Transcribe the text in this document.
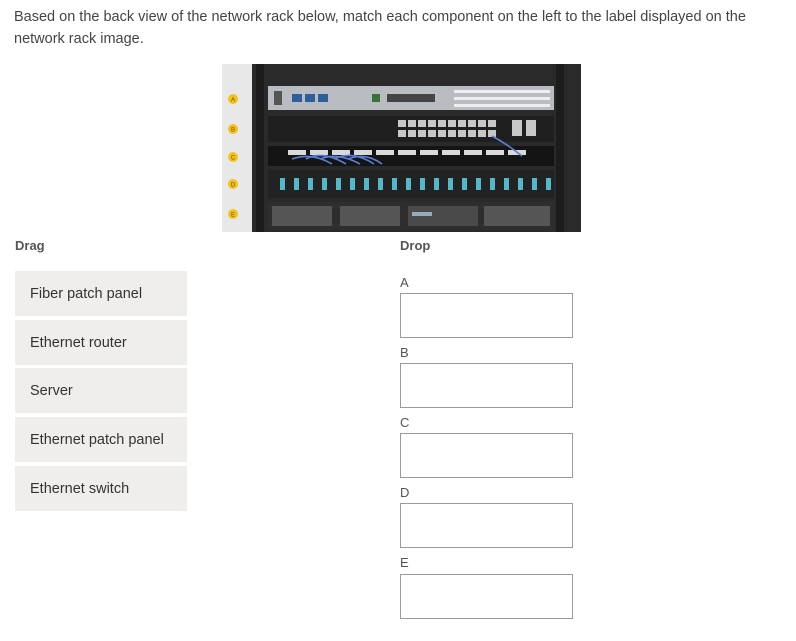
Based on the back view of the network rack below, match each component on the left to the label displayed on the network rack image.
A
B
C
D
E
Drag	Drop
Fiber patch panel
Ethernet router
Server
Ethernet patch panel
Ethernet switch
A
B
C
D
E
